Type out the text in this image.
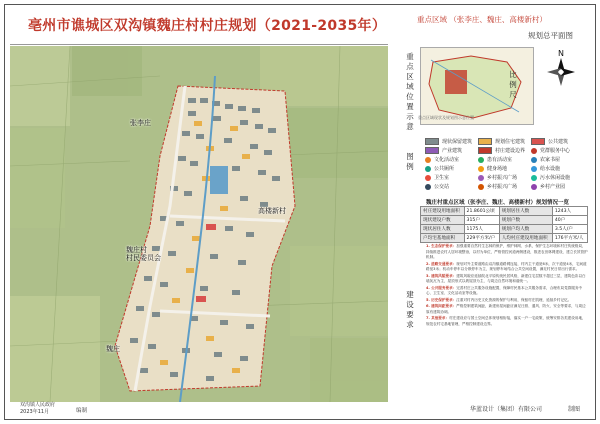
亳州市谯城区双沟镇魏庄村村庄规划（2021-2035年）
张李庄
高楼新村
魏庄村
村民委员会
魏庄
重点区域 （张李庄、魏庄、高楼新村）
规划总平面图
重点区域位置示意
重点区域现状及规划图示意位置
N
比例尺
图例
现状保留建筑	规划住宅建筑	公共建筑
产业建筑	村庄建设边界	党群服务中心
文化活动室	患有活动室	农家书屋
公共厕所	健身场地	给水设施
卫生室	乡村振兴广场	污水休闲设施
公交站	乡村振兴广场	乡村产业园
魏庄村重点区域（张李庄、魏庄、高楼新村）规划情况一览
村庄建设用地面积	21.8601公顷	规划居住人数	1243人
现状建设户数	315户	规划户数	40户
现状居住人数	1175人	规划户均人数	3.5人/户
户均宅基地面积	229平方米/户	人均村庄建设用地面积	176平方米/人
建设要求

1. 生态保护要求：加强重要自然村生态林的保护，维护林网、水系，保护生态环境和村庄传统格局，持续推进农村人居环境整治，以村为单位，严格管控河道两侧建设，推进农田林网建设，建立长效管护机制。

2. 道路交通要求：规划对外主要道路由双沟镇道路网连接，村内主干道宽6米，次干道宽4米，宅间道路宽3米；机动车停车以分散停车为主，规划停车场结合公共空间设置，满足村民日常出行需求。

3. 建筑风貌要求：建筑风貌应延续皖北平原传统民居风格，新建住宅层数不超过三层，建筑色彩以白墙灰瓦为主，屋顶形式以坡屋顶为主，与周边自然环境和谐统一。

4. 公共服务要求：完善村庄公共服务设施配置，保障村民基本公共服务需求，合理布局党群服务中心、卫生室、文化活动室等设施。

5. 历史保护要求：注重对村内历史文化资源的保护与利用，保留村庄肌理，延续乡村记忆。

6. 建筑间距要求：严格控制建筑间距，新建房屋间距应满足日照、通风、防火、安全等要求，与周边原有建筑协调。

7. 其他要求：村庄建设应与国土空间总体规划相衔接，落实一户一宅政策，统筹安排各类建设用地，规范农村宅基地管理，严格控制建设边界。

双沟镇人民政府
2023年11月	编制	华蓝设计（集团）有限公司	制图
